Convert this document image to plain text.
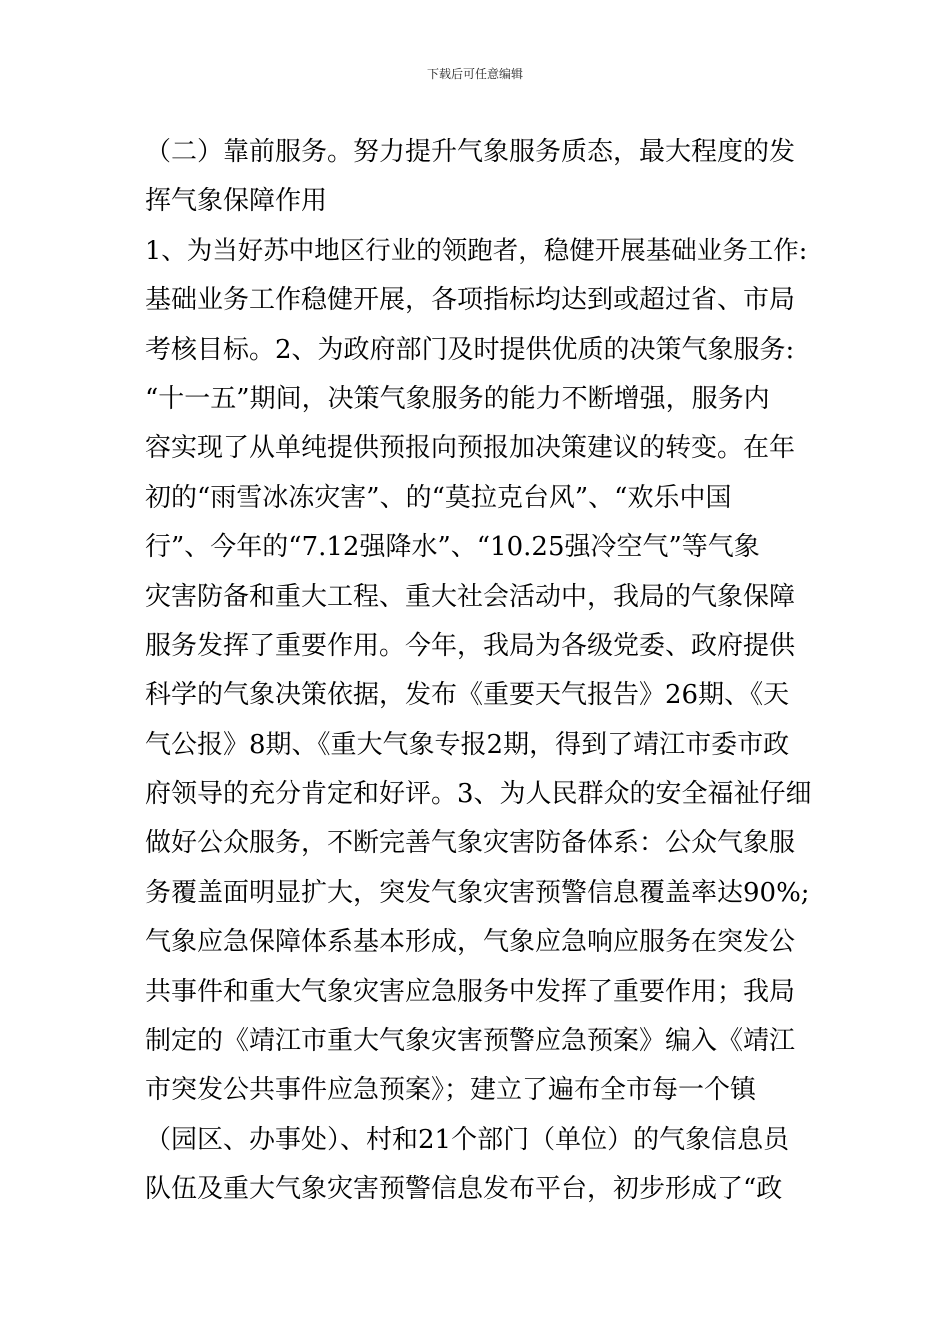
下载后可任意编辑
（二）靠前服务。努力提升气象服务质态，最大程度的发
挥气象保障作用
1、为当好苏中地区行业的领跑者，稳健开展基础业务工作:
基础业务工作稳健开展，各项指标均达到或超过省、市局
考核目标。2、为政府部门及时提供优质的决策气象服务:
“十一五”期间，决策气象服务的能力不断增强，服务内
容实现了从单纯提供预报向预报加决策建议的转变。在年
初的“雨雪冰冻灾害”、的“莫拉克台风”、“欢乐中国
行”、今年的“7.12强降水”、“10.25强冷空气”等气象
灾害防备和重大工程、重大社会活动中，我局的气象保障
服务发挥了重要作用。今年，我局为各级党委、政府提供
科学的气象决策依据，发布《重要天气报告》26期、《天
气公报》8期、《重大气象专报2期，得到了靖江市委市政
府领导的充分肯定和好评。3、为人民群众的安全福祉仔细
做好公众服务，不断完善气象灾害防备体系：公众气象服
务覆盖面明显扩大，突发气象灾害预警信息覆盖率达90%;
气象应急保障体系基本形成，气象应急响应服务在突发公
共事件和重大气象灾害应急服务中发挥了重要作用；我局
制定的《靖江市重大气象灾害预警应急预案》编入《靖江
市突发公共事件应急预案》；建立了遍布全市每一个镇
（园区、办事处）、村和21个部门（单位）的气象信息员
队伍及重大气象灾害预警信息发布平台，初步形成了“政
